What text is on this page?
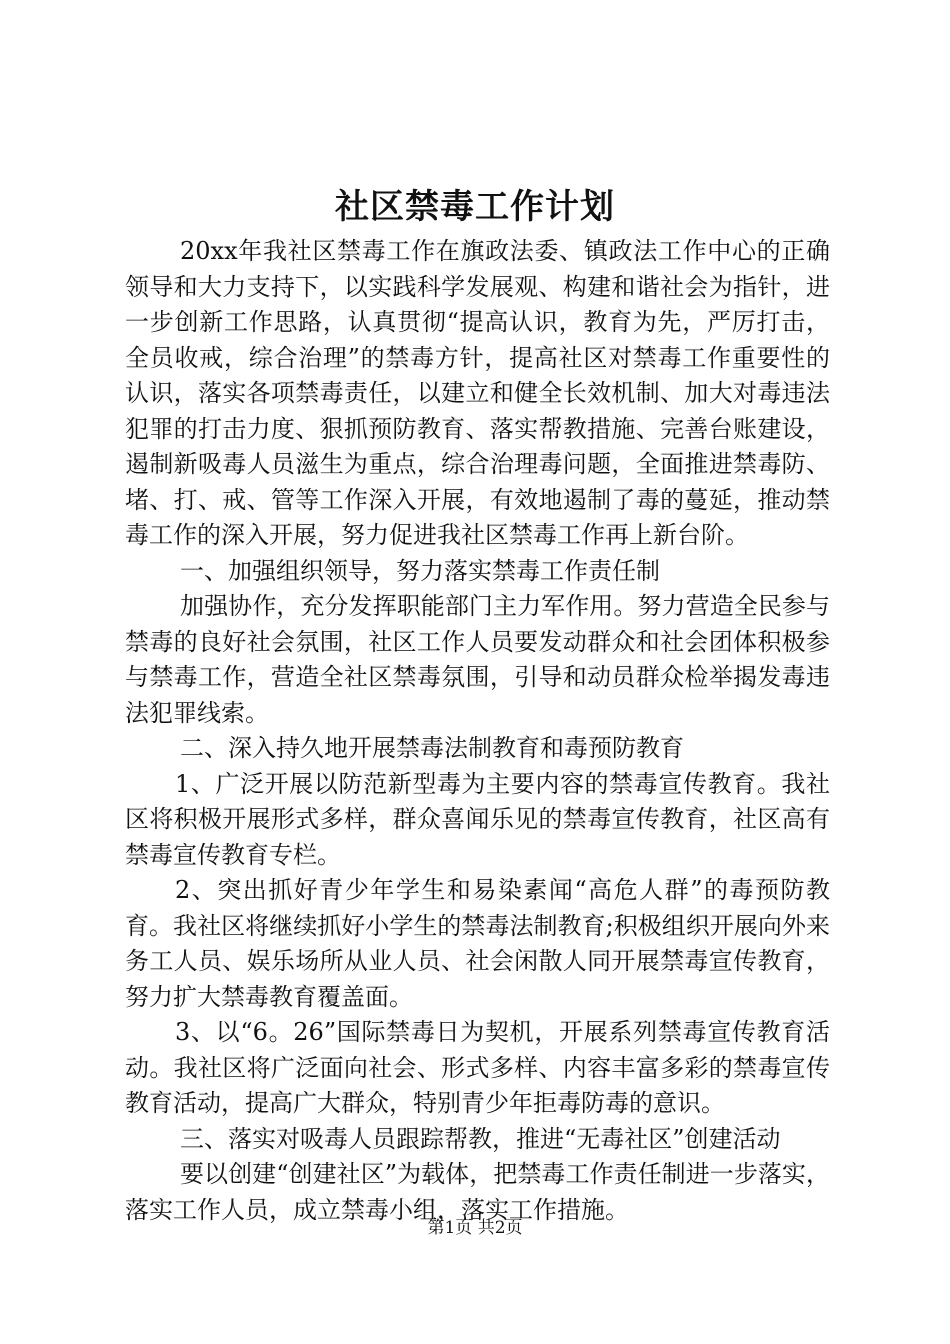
社区禁毒工作计划

20xx年我社区禁毒工作在旗政法委、镇政法工作中心的正确领导和大力支持下，以实践科学发展观、构建和谐社会为指针，进一步创新工作思路，认真贯彻“提高认识，教育为先，严厉打击，全员收戒，综合治理”的禁毒方针，提高社区对禁毒工作重要性的认识，落实各项禁毒责任，以建立和健全长效机制、加大对毒违法犯罪的打击力度、狠抓预防教育、落实帮教措施、完善台账建设，遏制新吸毒人员滋生为重点，综合治理毒问题，全面推进禁毒防、堵、打、戒、管等工作深入开展，有效地遏制了毒的蔓延，推动禁毒工作的深入开展，努力促进我社区禁毒工作再上新台阶。

一、加强组织领导，努力落实禁毒工作责任制

加强协作，充分发挥职能部门主力军作用。努力营造全民参与禁毒的良好社会氛围，社区工作人员要发动群众和社会团体积极参与禁毒工作，营造全社区禁毒氛围，引导和动员群众检举揭发毒违法犯罪线索。

二、深入持久地开展禁毒法制教育和毒预防教育

1、广泛开展以防范新型毒为主要内容的禁毒宣传教育。我社区将积极开展形式多样，群众喜闻乐见的禁毒宣传教育，社区高有禁毒宣传教育专栏。

2、突出抓好青少年学生和易染素闻“高危人群”的毒预防教育。我社区将继续抓好小学生的禁毒法制教育;积极组织开展向外来务工人员、娱乐场所从业人员、社会闲散人同开展禁毒宣传教育，努力扩大禁毒教育覆盖面。

3、以“6。26”国际禁毒日为契机，开展系列禁毒宣传教育活动。我社区将广泛面向社会、形式多样、内容丰富多彩的禁毒宣传教育活动，提高广大群众，特别青少年拒毒防毒的意识。

三、落实对吸毒人员跟踪帮教，推进“无毒社区”创建活动

要以创建“创建社区”为载体，把禁毒工作责任制进一步落实，落实工作人员，成立禁毒小组，落实工作措施。

第1页 共2页
